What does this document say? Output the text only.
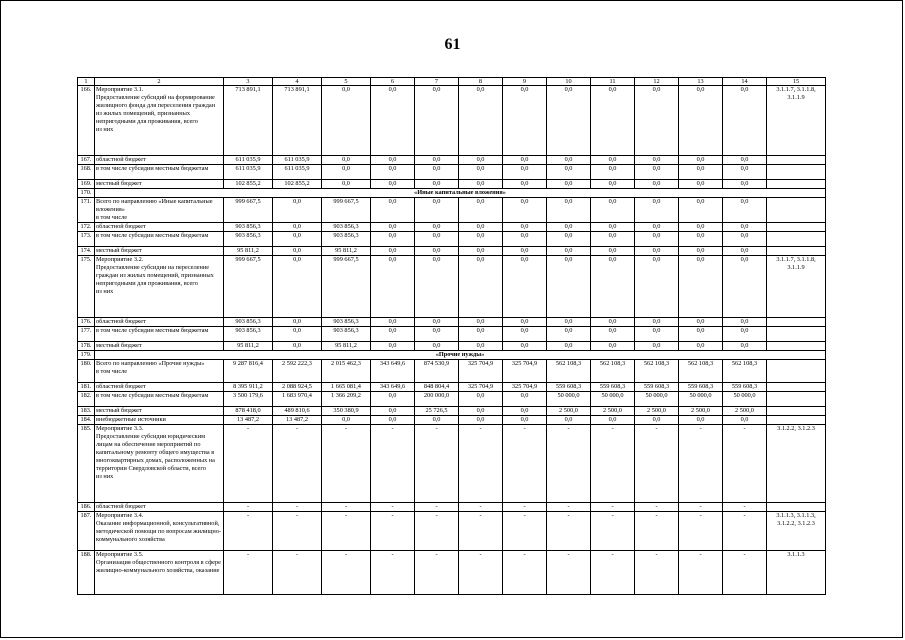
61
1	2	3	4	5	6	7	8	9	10	11	12	13	14	15
166.	Мероприятие 3.1.
Предоставление субсидий на формирование жилищного фонда для переселения граждан из жилых помещений, признанных непригодными для проживания, всего
из них	713 891,1	713 891,1	0,0	0,0	0,0	0,0	0,0	0,0	0,0	0,0	0,0	0,0	3.1.1.7, 3.1.1.8, 3.1.1.9
167.	областной бюджет	611 035,9	611 035,9	0,0	0,0	0,0	0,0	0,0	0,0	0,0	0,0	0,0	0,0	
168.	в том числе субсидии местным бюджетам	611 035,9	611 035,9	0,0	0,0	0,0	0,0	0,0	0,0	0,0	0,0	0,0	0,0	
169.	местный бюджет	102 855,2	102 855,2	0,0	0,0	0,0	0,0	0,0	0,0	0,0	0,0	0,0	0,0	
170.	«Иные капитальные вложения»													
171.	Всего по направлению «Иные капитальные вложения»
в том числе	999 667,5	0,0	999 667,5	0,0	0,0	0,0	0,0	0,0	0,0	0,0	0,0	0,0	
172.	областной бюджет	903 856,3	0,0	903 856,3	0,0	0,0	0,0	0,0	0,0	0,0	0,0	0,0	0,0	
173.	в том числе субсидии местным бюджетам	903 856,3	0,0	903 856,3	0,0	0,0	0,0	0,0	0,0	0,0	0,0	0,0	0,0	
174.	местный бюджет	95 811,2	0,0	95 811,2	0,0	0,0	0,0	0,0	0,0	0,0	0,0	0,0	0,0	
175.	Мероприятие 3.2.
Предоставление субсидии на переселение граждан из жилых помещений, признанных непригодными для проживания, всего
из них	999 667,5	0,0	999 667,5	0,0	0,0	0,0	0,0	0,0	0,0	0,0	0,0	0,0	3.1.1.7, 3.1.1.8, 3.1.1.9
176.	областной бюджет	903 856,3	0,0	903 856,3	0,0	0,0	0,0	0,0	0,0	0,0	0,0	0,0	0,0	
177.	в том числе субсидии местным бюджетам	903 856,3	0,0	903 856,3	0,0	0,0	0,0	0,0	0,0	0,0	0,0	0,0	0,0	
178.	местный бюджет	95 811,2	0,0	95 811,2	0,0	0,0	0,0	0,0	0,0	0,0	0,0	0,0	0,0	
179.	«Прочие нужды»													
180.	Всего по направлению «Прочие нужды»
в том числе	9 287 816,4	2 592 222,3	2 015 462,3	343 649,6	874 530,9	325 704,9	325 704,9	562 108,3	562 108,3	562 108,3	562 108,3	562 108,3	
181.	областной бюджет	8 395 911,2	2 088 924,5	1 665 081,4	343 649,6	848 804,4	325 704,9	325 704,9	559 608,3	559 608,3	559 608,3	559 608,3	559 608,3	
182.	в том числе субсидии местным бюджетам	3 500 179,6	1 683 970,4	1 366 209,2	0,0	200 000,0	0,0	0,0	50 000,0	50 000,0	50 000,0	50 000,0	50 000,0	
183.	местный бюджет	878 418,0	489 810,6	350 380,9	0,0	25 726,5	0,0	0,0	2 500,0	2 500,0	2 500,0	2 500,0	2 500,0	
184.	внебюджетные источники	13 487,2	13 487,2	0,0	0,0	0,0	0,0	0,0	0,0	0,0	0,0	0,0	0,0	
185.	Мероприятие 3.3.
Предоставление субсидии юридическим лицам на обеспечение мероприятий по капитальному ремонту общего имущества в многоквартирных домах, расположенных на территории Свердловской области, всего
из них	-	-	-	-	-	-	-	-	-	-	-	-	3.1.2.2, 3.1.2.3
186.	областной бюджет	-	-	-	-	-	-	-	-	-	-	-	-	
187.	Мероприятие 3.4.
Оказание информационной, консультативной, методической помощи по вопросам жилищно-коммунального хозяйства	-	-	-	-	-	-	-	-	-	-	-	-	3.1.1.3, 3.1.1.3, 3.1.2.2, 3.1.2.3
188.	Мероприятие 3.5.
Организация общественного контроля в сфере жилищно-коммунального хозяйства, оказание	-	-	-	-	-	-	-	-	-	-	-	-	3.1.1.3
